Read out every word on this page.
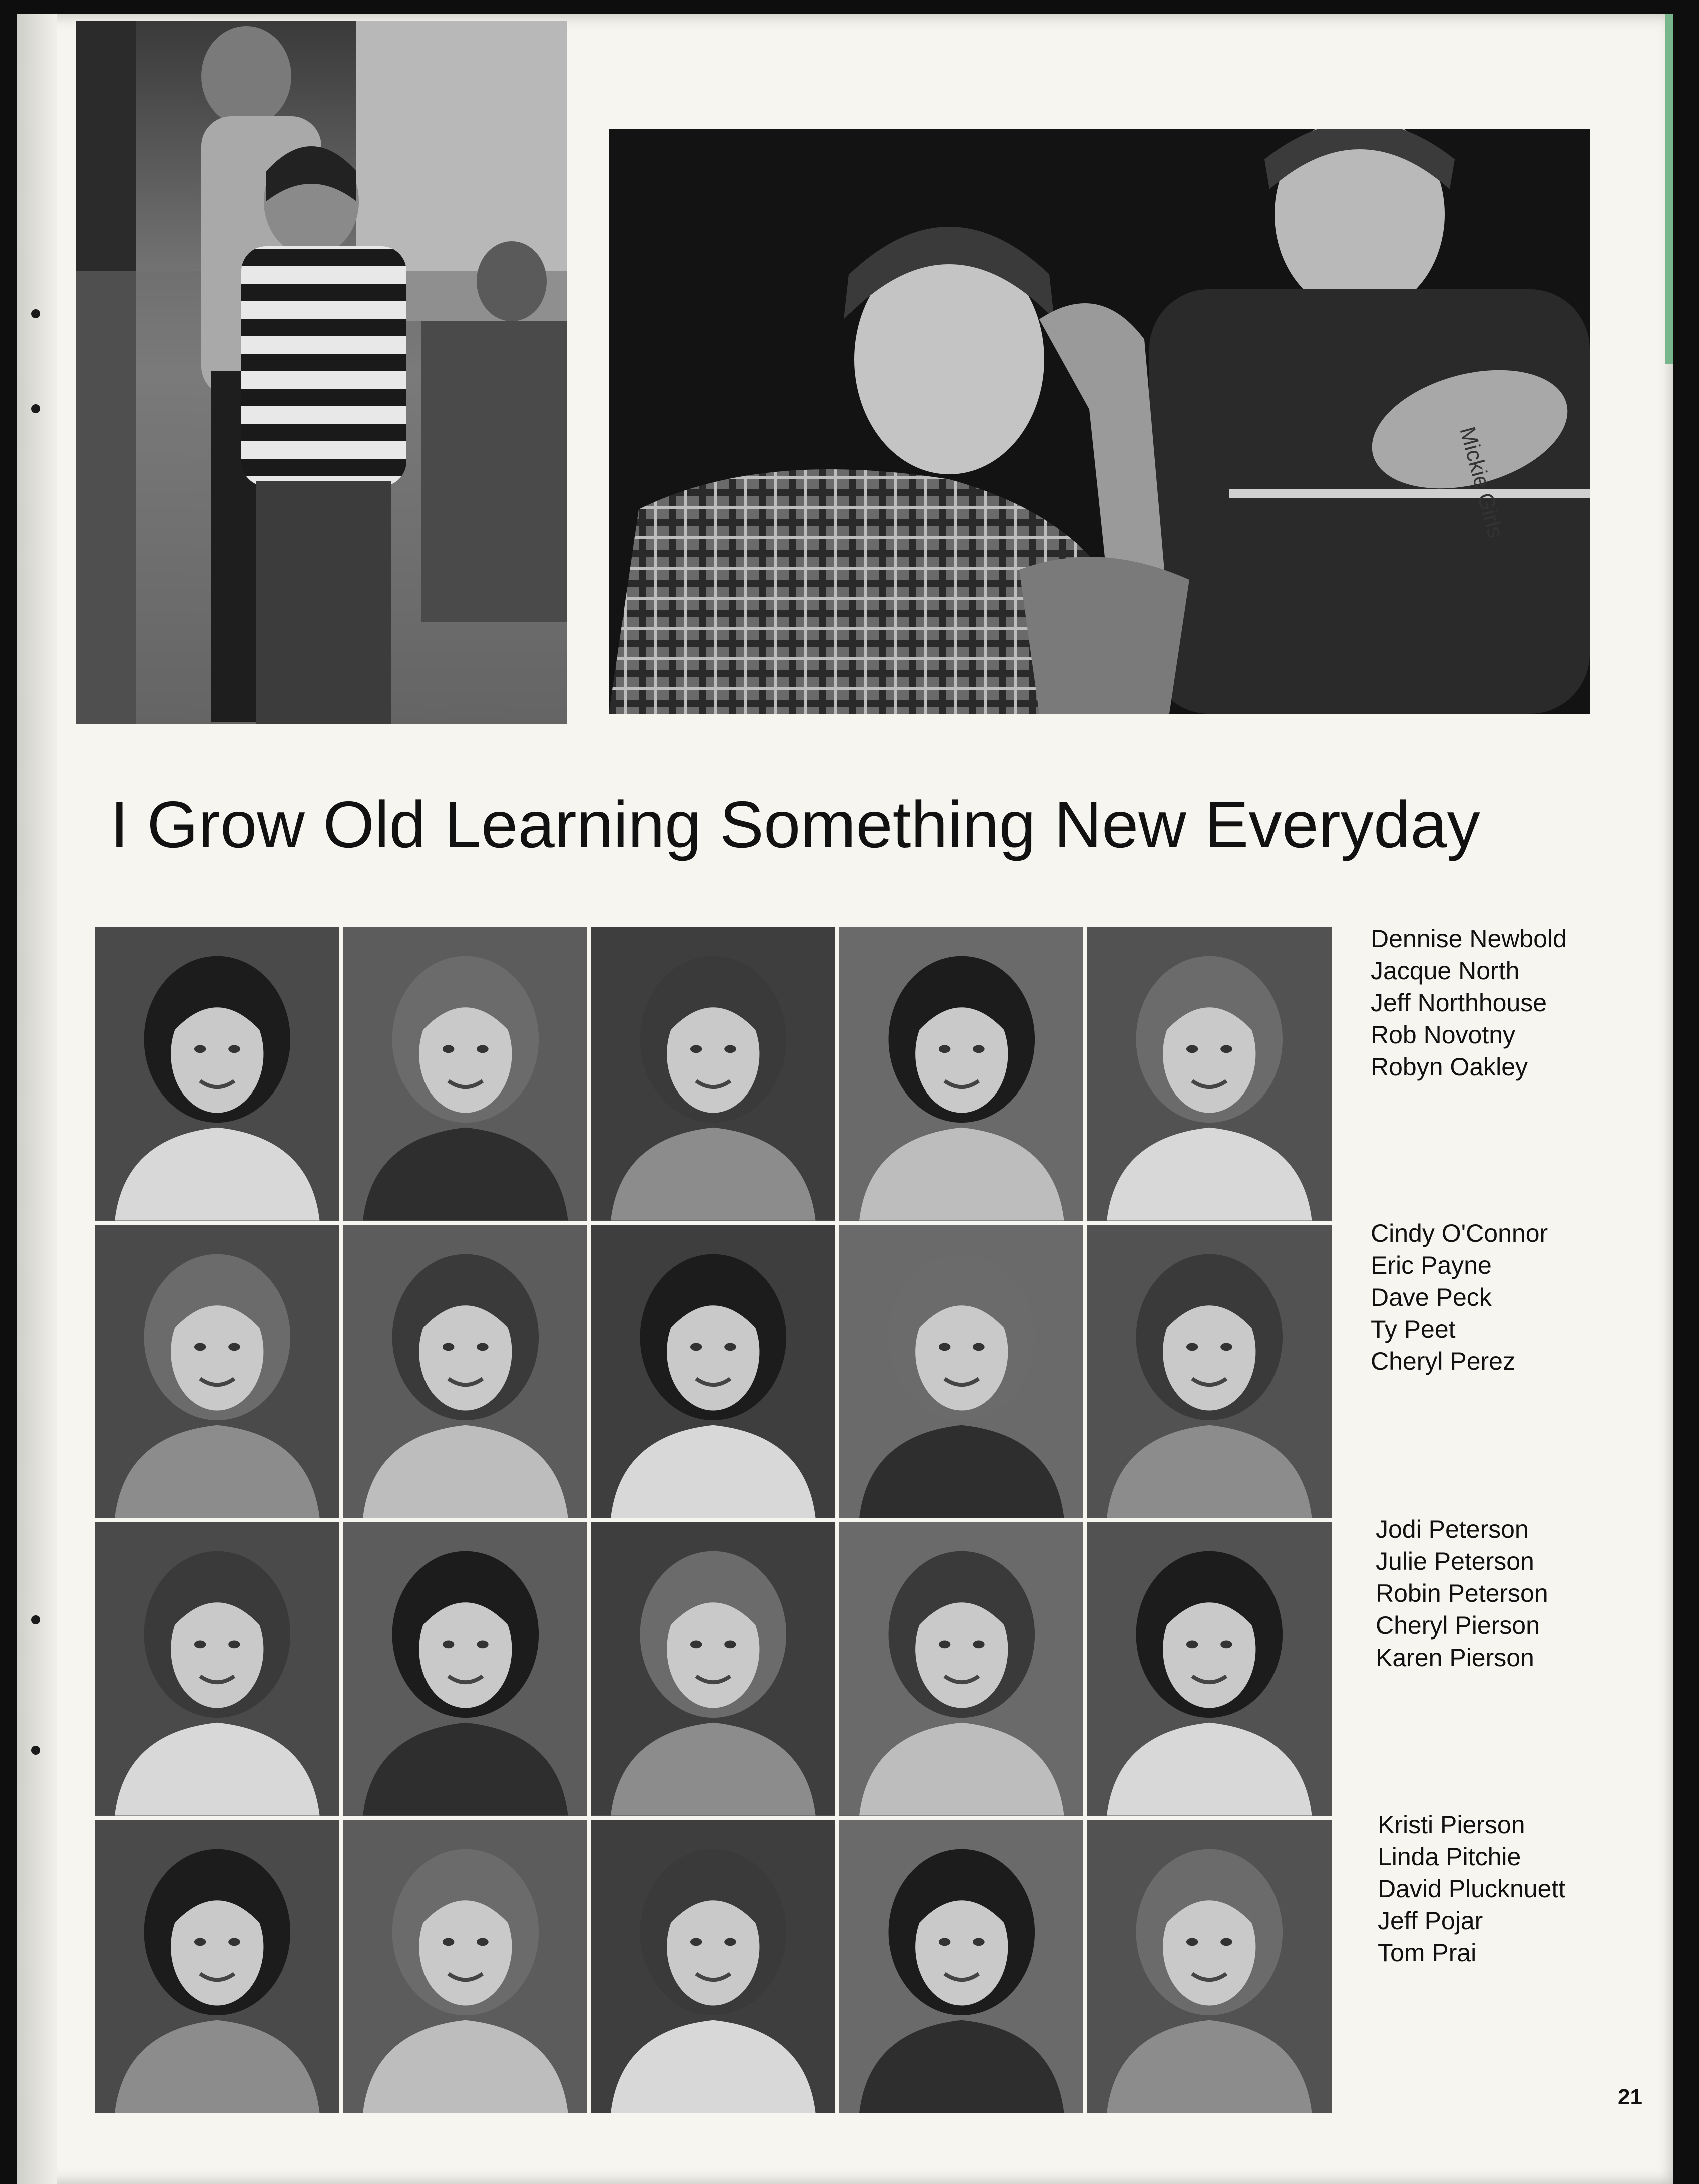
Mickie Girls
I Grow Old Learning Something New Everyday
Dennise Newbold
Jacque North
Jeff Northhouse
Rob Novotny
Robyn Oakley
Cindy O'Connor
Eric Payne
Dave Peck
Ty Peet
Cheryl Perez
Jodi Peterson
Julie Peterson
Robin Peterson
Cheryl Pierson
Karen Pierson
Kristi Pierson
Linda Pitchie
David Plucknuett
Jeff Pojar
Tom Prai
21
